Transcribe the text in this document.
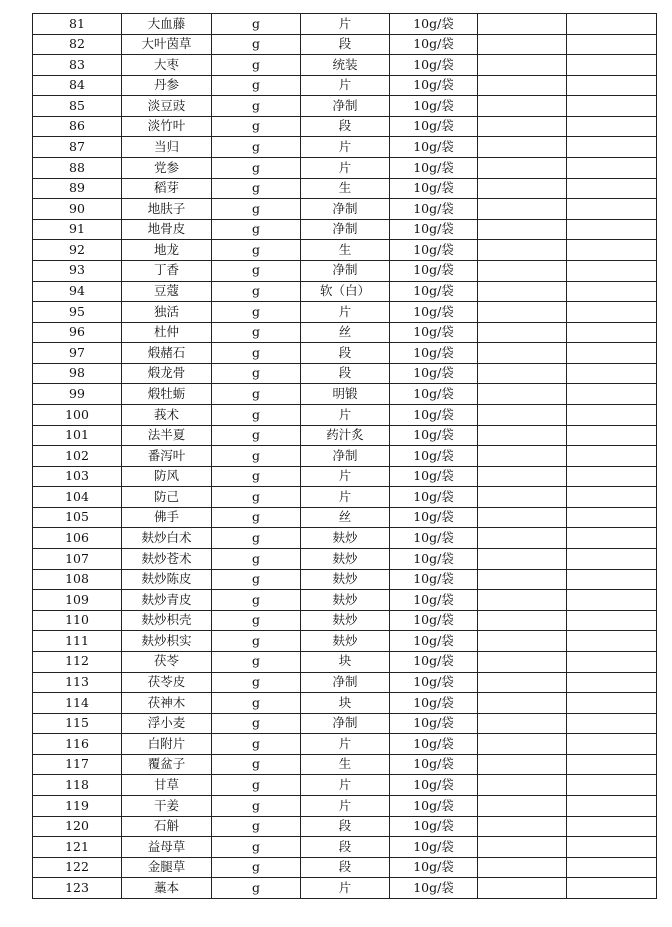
81	大血藤	g	片	10g/袋		
82	大叶茵草	g	段	10g/袋		
83	大枣	g	统装	10g/袋		
84	丹参	g	片	10g/袋		
85	淡豆豉	g	净制	10g/袋		
86	淡竹叶	g	段	10g/袋		
87	当归	g	片	10g/袋		
88	党参	g	片	10g/袋		
89	稻芽	g	生	10g/袋		
90	地肤子	g	净制	10g/袋		
91	地骨皮	g	净制	10g/袋		
92	地龙	g	生	10g/袋		
93	丁香	g	净制	10g/袋		
94	豆蔻	g	软（白）	10g/袋		
95	独活	g	片	10g/袋		
96	杜仲	g	丝	10g/袋		
97	煅赭石	g	段	10g/袋		
98	煅龙骨	g	段	10g/袋		
99	煅牡蛎	g	明锻	10g/袋		
100	莪术	g	片	10g/袋		
101	法半夏	g	药汁炙	10g/袋		
102	番泻叶	g	净制	10g/袋		
103	防风	g	片	10g/袋		
104	防己	g	片	10g/袋		
105	佛手	g	丝	10g/袋		
106	麸炒白术	g	麸炒	10g/袋		
107	麸炒苍术	g	麸炒	10g/袋		
108	麸炒陈皮	g	麸炒	10g/袋		
109	麸炒青皮	g	麸炒	10g/袋		
110	麸炒枳壳	g	麸炒	10g/袋		
111	麸炒枳实	g	麸炒	10g/袋		
112	茯苓	g	块	10g/袋		
113	茯苓皮	g	净制	10g/袋		
114	茯神木	g	块	10g/袋		
115	浮小麦	g	净制	10g/袋		
116	白附片	g	片	10g/袋		
117	覆盆子	g	生	10g/袋		
118	甘草	g	片	10g/袋		
119	干姜	g	片	10g/袋		
120	石斛	g	段	10g/袋		
121	益母草	g	段	10g/袋		
122	金腿草	g	段	10g/袋		
123	藁本	g	片	10g/袋		
